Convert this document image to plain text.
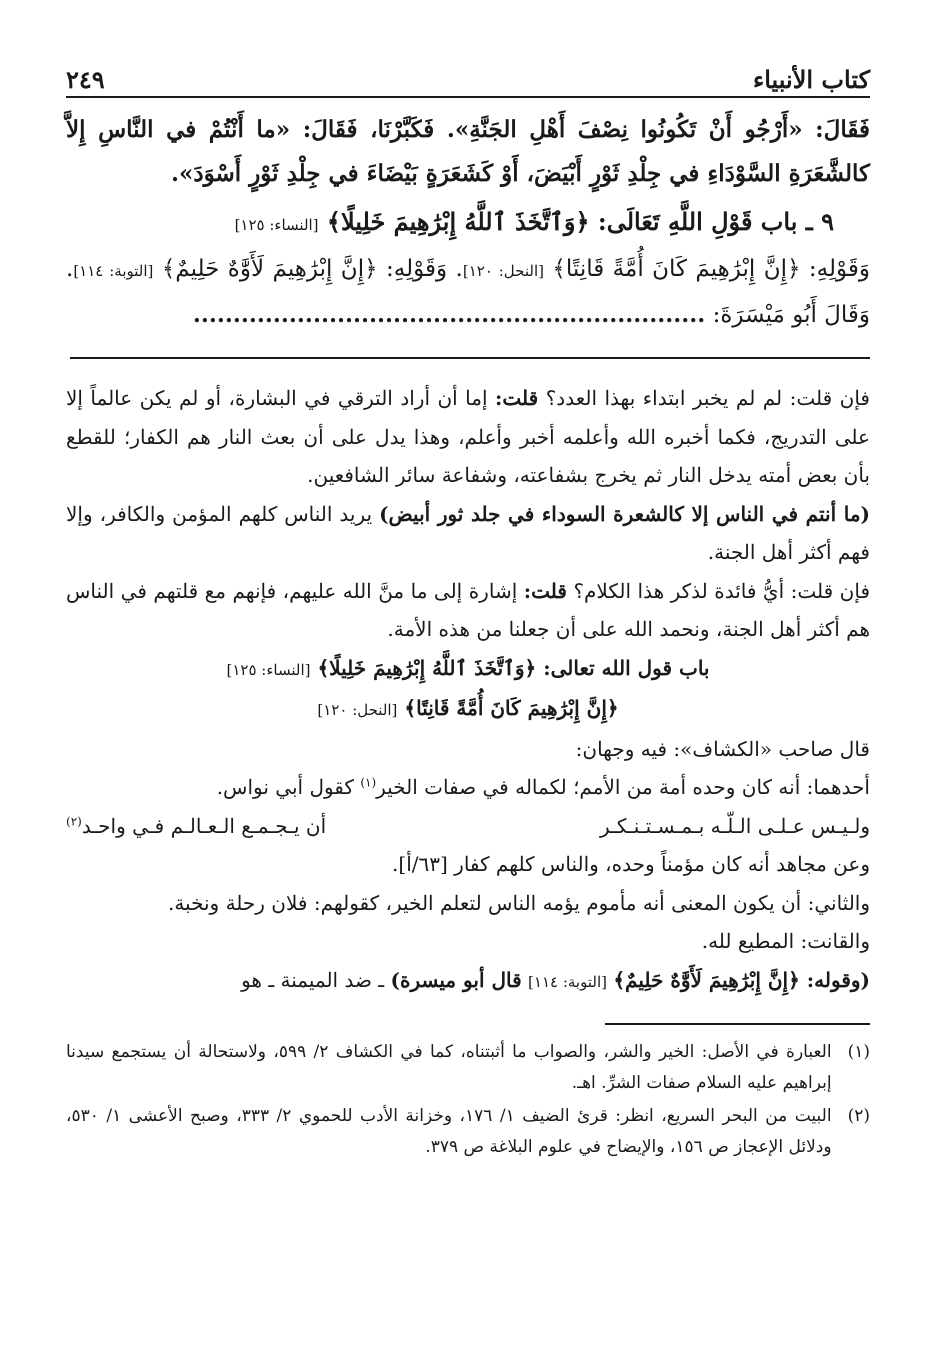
كتاب الأنبياء
٢٤٩

فَقَالَ: «أَرْجُو أَنْ تَكُونُوا نِصْفَ أَهْلِ الجَنَّةِ». فَكَبَّرْنَا، فَقَالَ: «ما أَنْتُمْ في النَّاسِ إِلاَّ كالشَّعَرَةِ السَّوْدَاءِ في جِلْدِ ثَوْرٍ أَبْيَضَ، أَوْ كَشَعَرَةٍ بَيْضَاءَ في جِلْدِ ثَوْرٍ أَسْوَدَ».

٩ ـ باب قَوْلِ اللَّهِ تَعَالَى: ﴿وَٱتَّخَذَ ٱللَّهُ إِبْرَٰهِيمَ خَلِيلًا﴾ [النساء: ١٢٥]

وَقَوْلِهِ: ﴿إِنَّ إِبْرَٰهِيمَ كَانَ أُمَّةً قَانِتًا﴾ [النحل: ١٢٠]. وَقَوْلِهِ: ﴿إِنَّ إِبْرَٰهِيمَ لَأَوَّٰهٌ حَلِيمٌ﴾ [التوبة: ١١٤]. وَقَالَ أَبُو مَيْسَرَةَ: ................................................................

فإن قلت: لم لم يخبر ابتداء بهذا العدد؟ قلت: إما أن أراد الترقي في البشارة، أو لم يكن عالماً إلا على التدريج، فكما أخبره الله وأعلمه أخبر وأعلم، وهذا يدل على أن بعث النار هم الكفار؛ للقطع بأن بعض أمته يدخل النار ثم يخرج بشفاعته، وشفاعة سائر الشافعين.

(ما أنتم في الناس إلا كالشعرة السوداء في جلد ثور أبيض) يريد الناس كلهم المؤمن والكافر، وإلا فهم أكثر أهل الجنة.

فإن قلت: أيُّ فائدة لذكر هذا الكلام؟ قلت: إشارة إلى ما منَّ الله عليهم، فإنهم مع قلتهم في الناس هم أكثر أهل الجنة، ونحمد الله على أن جعلنا من هذه الأمة.

باب قول الله تعالى: ﴿وَٱتَّخَذَ ٱللَّهُ إِبْرَٰهِيمَ خَلِيلًا﴾ [النساء: ١٢٥]

﴿إِنَّ إِبْرَٰهِيمَ كَانَ أُمَّةً قَانِتًا﴾ [النحل: ١٢٠]

قال صاحب «الكشاف»: فيه وجهان:

أحدهما: أنه كان وحده أمة من الأمم؛ لكماله في صفات الخير$^{(١)}$ كقول أبي نواس.

ولـيـس عـلـى الـلّـه بـمـسـتـنـكـر
أن يـجـمـع الـعـالـم فـي واحـد$^{(٢)}$

وعن مجاهد أنه كان مؤمناً وحده، والناس كلهم كفار [٦٣/أ].

والثاني: أن يكون المعنى أنه مأموم يؤمه الناس لتعلم الخير، كقولهم: فلان رحلة ونخبة.

والقانت: المطيع لله.

(وقوله: ﴿إِنَّ إِبْرَٰهِيمَ لَأَوَّٰهٌ حَلِيمٌ﴾ [التوبة: ١١٤] قال أبو ميسرة) ـ ضد الميمنة ـ هو

(١)
العبارة في الأصل: الخير والشر، والصواب ما أثبتناه، كما في الكشاف ٢/ ٥٩٩، ولاستحالة أن يستجمع سيدنا إبراهيم عليه السلام صفات الشرِّ. اهـ.
(٢)
البيت من البحر السريع، انظر: قرئ الضيف ١/ ١٧٦، وخزانة الأدب للحموي ٢/ ٣٣٣، وصبح الأعشى ١/ ٥٣٠، ودلائل الإعجاز ص ١٥٦، والإيضاح في علوم البلاغة ص ٣٧٩.
